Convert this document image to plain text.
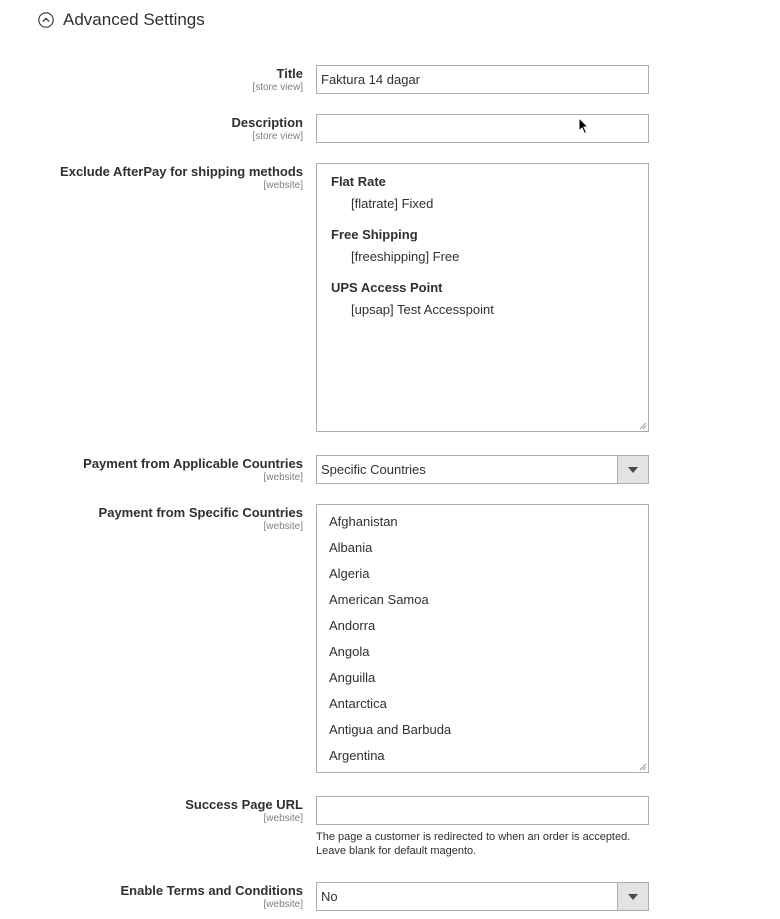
Advanced Settings
Title
[store view]
Faktura 14 dagar
Description
[store view]
Exclude AfterPay for shipping methods
[website]	Flat Rate
[flatrate] Fixed
Free Shipping
[freeshipping] Free
UPS Access Point
[upsap] Test Accesspoint
Payment from Applicable Countries
[website]
Specific Countries
Payment from Specific Countries
[website]	Afghanistan
Albania
Algeria
American Samoa
Andorra
Angola
Anguilla
Antarctica
Antigua and Barbuda
Argentina
Success Page URL
[website]
The page a customer is redirected to when an order is accepted.
Leave blank for default magento.
Enable Terms and Conditions
[website]
No
